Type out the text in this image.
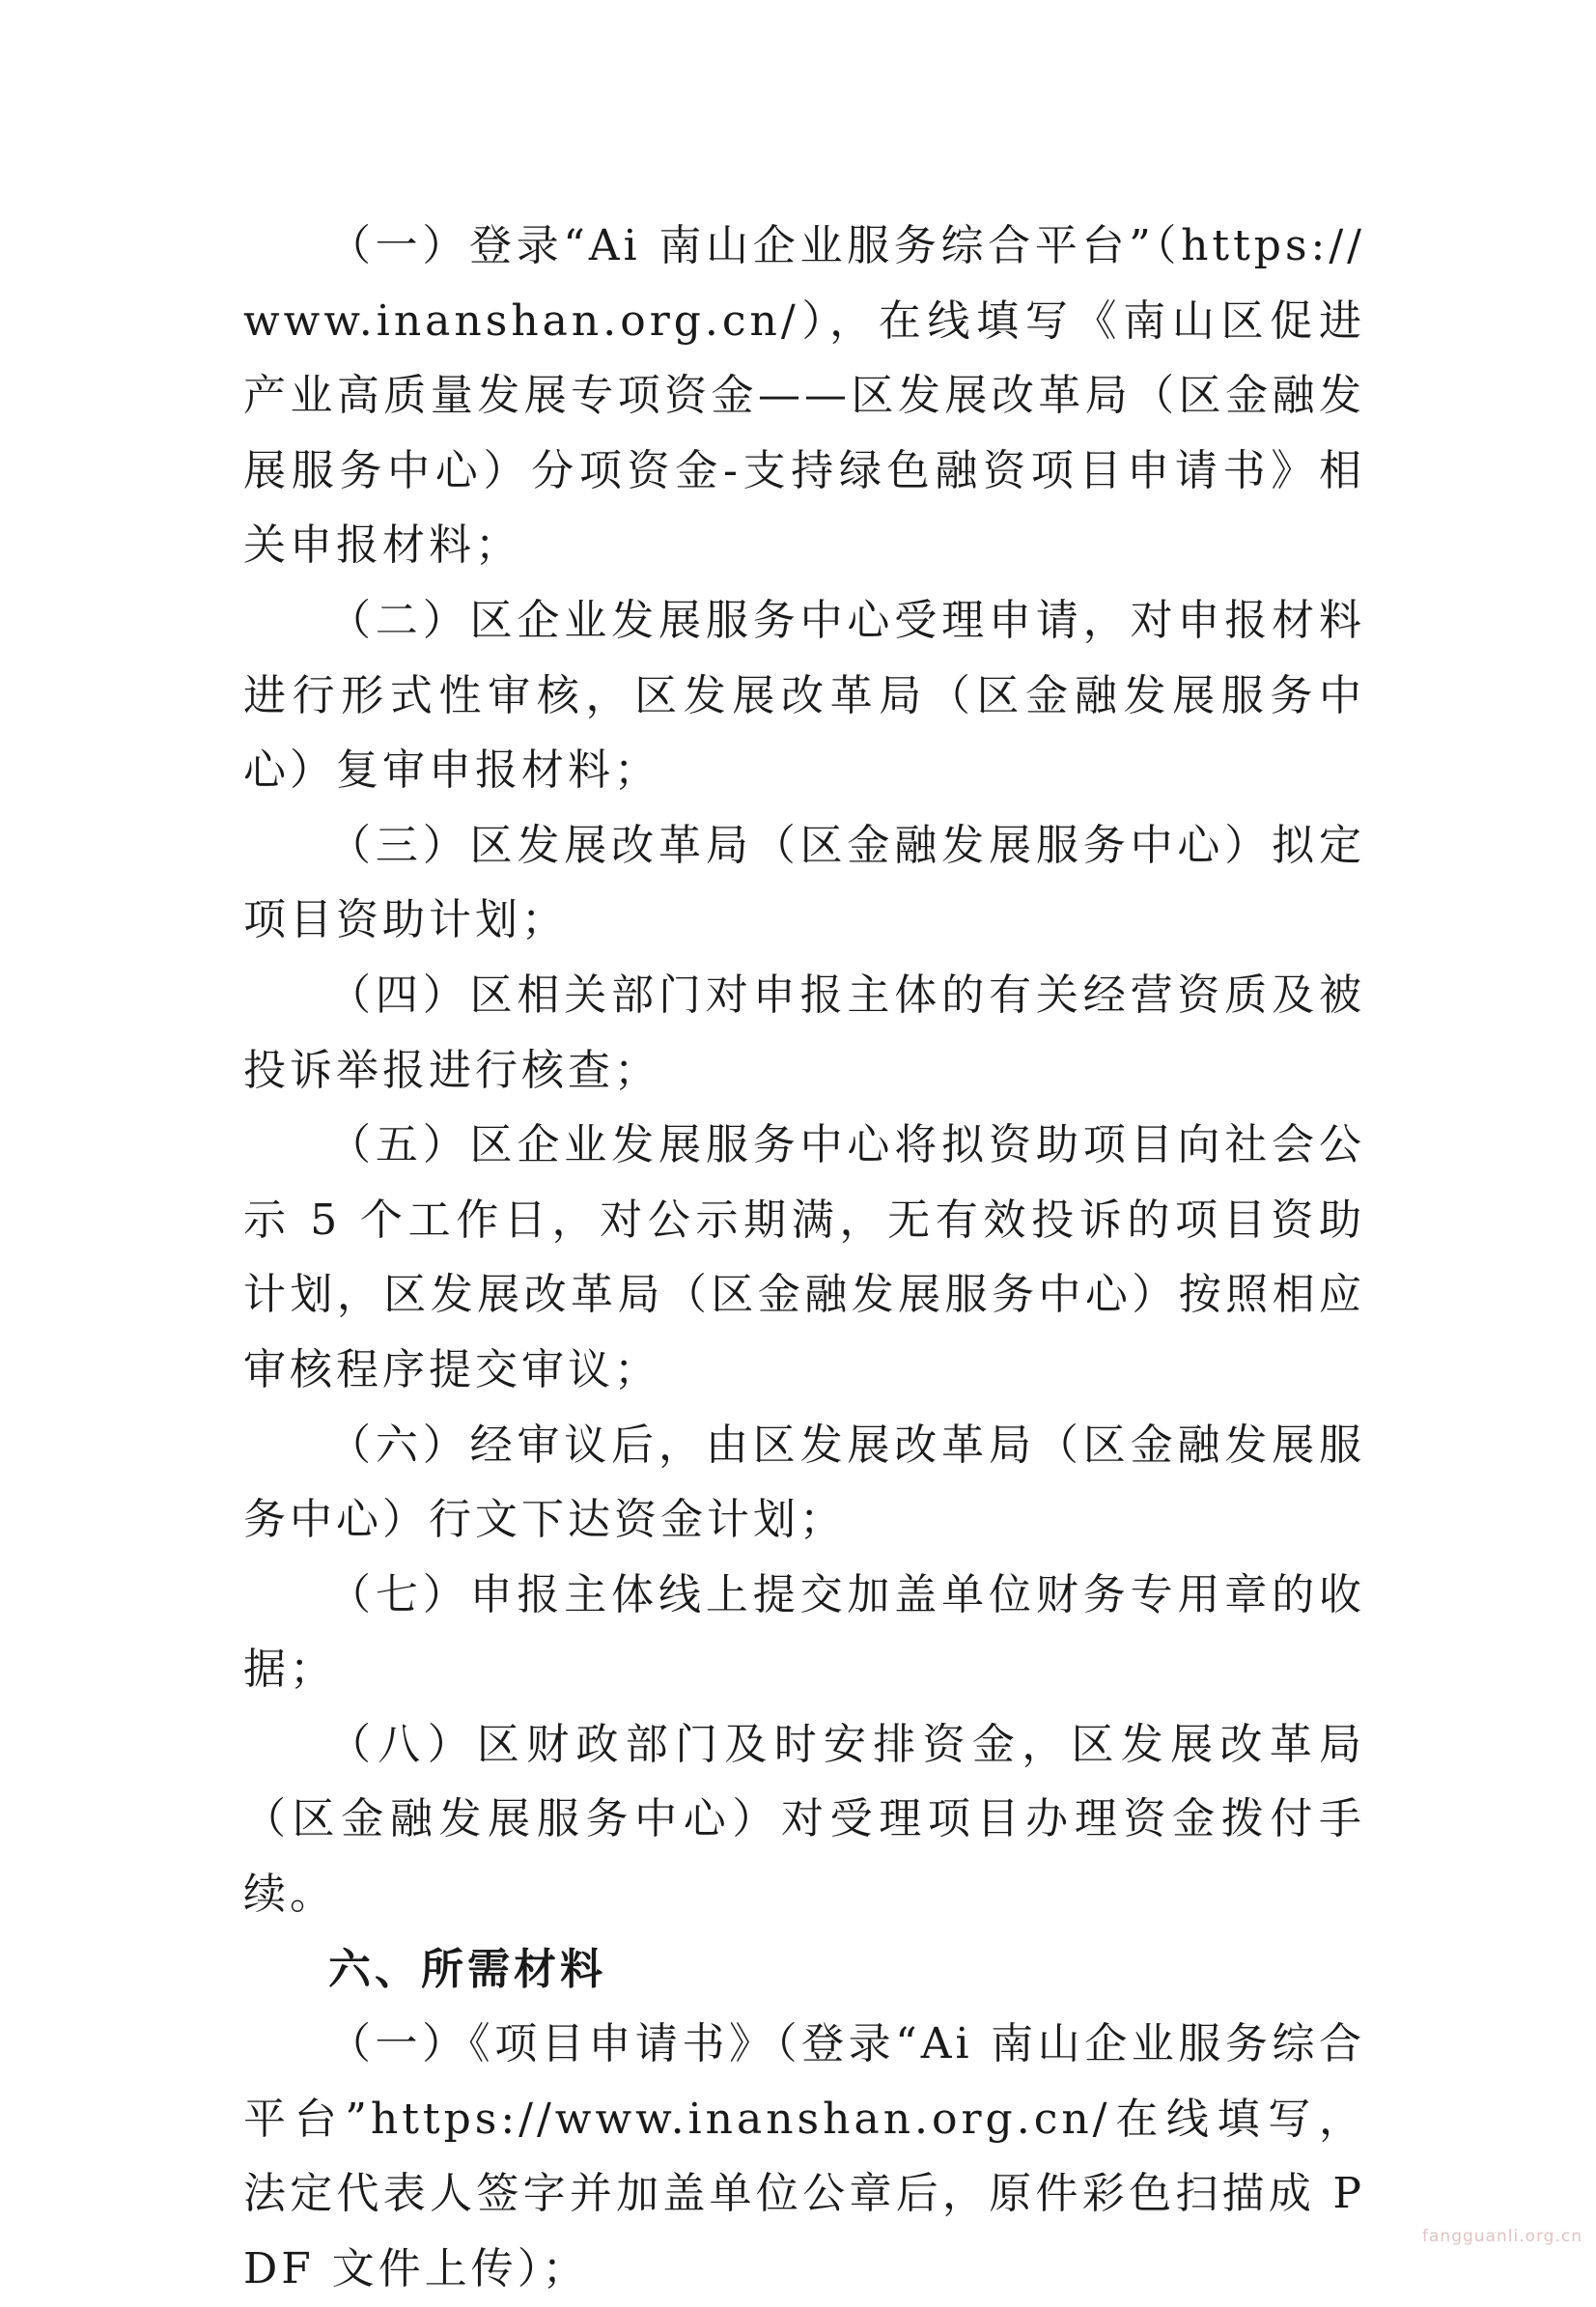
（一）登录“Ai 南山企业服务综合平台”（https://www.inanshan.org.cn/），在线填写《南山区促进产业高质量发展专项资金——区发展改革局（区金融发展服务中心）分项资金-支持绿色融资项目申请书》相关申报材料；

（二）区企业发展服务中心受理申请，对申报材料进行形式性审核，区发展改革局（区金融发展服务中心）复审申报材料；

（三）区发展改革局（区金融发展服务中心）拟定项目资助计划；

（四）区相关部门对申报主体的有关经营资质及被投诉举报进行核查；

（五）区企业发展服务中心将拟资助项目向社会公示 5 个工作日，对公示期满，无有效投诉的项目资助计划，区发展改革局（区金融发展服务中心）按照相应审核程序提交审议；

（六）经审议后，由区发展改革局（区金融发展服务中心）行文下达资金计划；

（七）申报主体线上提交加盖单位财务专用章的收据；

（八）区财政部门及时安排资金，区发展改革局（区金融发展服务中心）对受理项目办理资金拨付手续。

六、所需材料

（一）《项目申请书》（登录“Ai 南山企业服务综合平台”https://www.inanshan.org.cn/在线填写，法定代表人签字并加盖单位公章后，原件彩色扫描成 PDF 文件上传）；

fangguanli.org.cn
